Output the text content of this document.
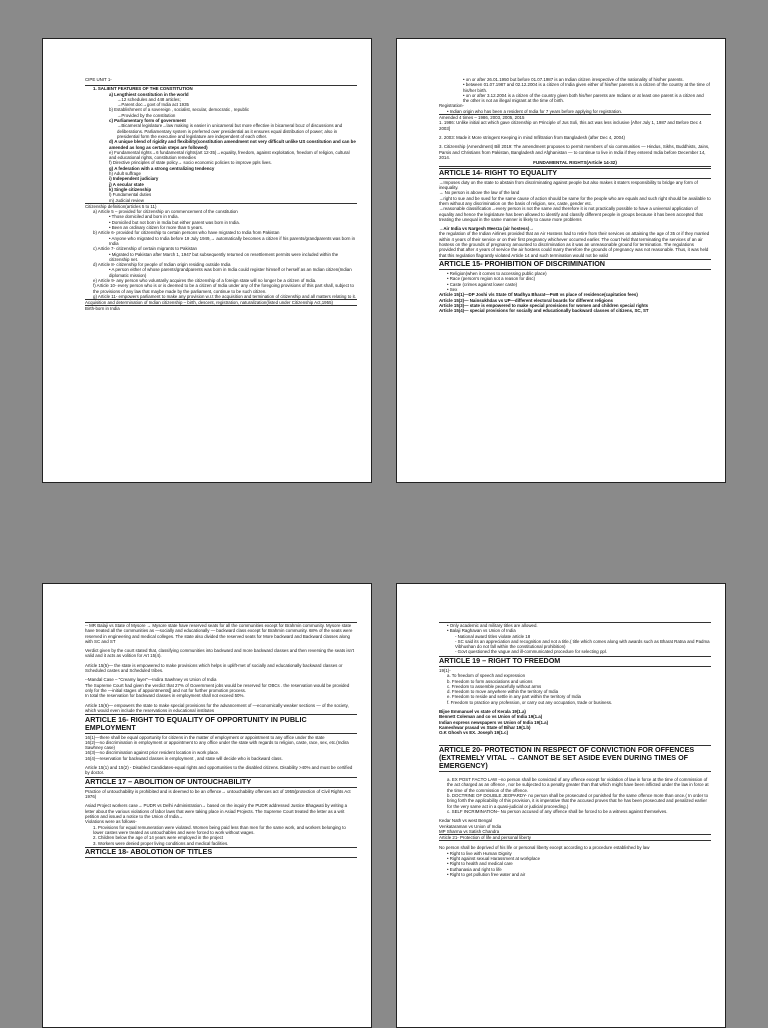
CIPE UNIT 1-

1. SALIENT FEATURES OF THE CONSTITUTION

a) Lengthiest constitution in the world

→12 schedules and 448 articles;

→Parent doc→govt of India act 1935

b) Establishment of a sovereign , socialist, secular, democratic , republic

→Provided by the constitution

c) Parliamentary form of government

→Bicameral legislature→law making is easier in unicameral but more effective in bicameral bcuz of discussions and deliberations. Parliamentary system is preferred over presidential as it ensures equal distribution of power; also in presidential form the executive and legislature are independent of each other.

d) A unique blend of rigidity and flexibility(constitution amendment not very difficult unlike US constitution and can be amended as long as certain steps are followed)

e) Fundamental rights→6 fundamental rights(art 12-35)→equality, freedom, against exploitation, freedom of religion, cultural and educational rights, constitution remedies

f) Directive principles of state policy→ socio economic policies to improve ppls lives.

g) A federation with a strong centralizing tendency

h) Adult suffrage

i) Independent judiciary

j) A secular state

k) Single citizenship

l) Fundamental duties

m) Judicial review

Citizenship definition(articles 5 to 11)

a) Article 5 – provided for citizenship on commencement of the constitution

• Those domiciled and born in India.

• Domiciled but not born in India but either parent was born in India.

• Been an ordinary citizen for more than 5 years.

b) Article 6- provided for citizenship to certain persons who have migrated to India from Pakistan

• Anyone who migrated to India before 19 July 1949,→ automatically becomes a citizen if his parents/grandparents was born in India

c) Article 7- citizenship of certain migrants to Pakistan

• Migrated to Pakistan after March 1, 1947 but subsequently returned on resettlement permits were included within the citizenship net.

d) Article 8- citizenship for people of Indian origin residing outside India

• A person either of whose parents/grandparents was born in India could register himself or herself as an Indian citizen(Indian diplomatic mission)

e) Article 9- any person who voluntarily acquires the citizenship of a foreign state will no longer be a citizen of India.

f) Article 10- every person who is or is deemed to be a citizen of India under any of the foregoing provisions of this part shall, subject to the provisions of any law that maybe made by the parliament, continue to be such citizen.

g) Article 11- empowers parliament to make any provision w.r.t the acquisition and termination of citizenship and all matters relating to it.

Acquisition and determination of Indian citizenship – birth, descent, registration, naturalization(listed under Citizenship Act,1955)

Birth-born in India

• on or after 26.01.1950 but before 01.07.1987 is an Indian citizen irrespective of the nationality of his/her parents.

• between 01.07.1987 and 02.12.2004 is a citizen of India given either of his/her parents is a citizen of the country at the time of his/her birth.

• on or after 3.12.2004 is a citizen of the country given both his/her parents are Indians or at least one parent is a citizen and the other is not an illegal migrant at the time of birth.

Registration-

• Indian origin who has been a resident of India for 7 years before applying for registration.

Amended 4 times – 1986, 2003, 2005, 2015

1. 1986: Unlike initial act which gave citizenship on Principle of Jus Soli, this act was less inclusive [After July 1, 1987 and Before Dec 4 2003]

2. 2003: Made it More stringent Keeping in mind Infiltration from Bangladesh (after Dec 4, 2004)

3. Citizenship (Amendment) Bill 2019: The amendment proposes to permit members of six communities — Hindus, Sikhs, Buddhists, Jains, Parsis and Christians from Pakistan, Bangladesh and Afghanistan — to continue to live in India if they entered India before December 14, 2014.

FUNDAMENTAL RIGHTS(Article 14-32)

ARTICLE 14- RIGHT TO EQUALITY

→Imposes duty on the state to abstain from discriminating against people but also makes it state's responsibility to bridge any form of inequality.

→ No person is above the law of the land

→right to sue and be sued for the same cause of action should be same for the people who are equals and such right should be available to them without any discrimination on the basis of religion, sex, caste, gender etc.

→reasonable classification→every person is not the same and therefore it is not practically possible to have a universal application of equality and hence the legislature has been allowed to identify and classify different people in groups because it has been accepted that treating the unequal in the same manner is likely to cause more problems

→Air India vs Nargesh Meerza (air hostess)→

the regulation of the Indian Airlines provided that an Air Hostess had to retire from their services on attaining the age of 35 or if they married within 4 years of their service or on their first pregnancy whichever occurred earlier. The court held that terminating the services of an air hostess on the grounds of pregnancy amounted to discrimination as it was an unreasonable ground for termination. The regulations provided that after 4 years of service the air hostess could marry therefore the grounds of pregnancy was not reasonable. Thus, it was held that this regulation flagrantly violated Article 14 and such termination would not be valid

ARTICLE 15- PROHIBITION OF DISCRIMINATION

• Religion(when it comes to accessing public place)

• Race (person's region not a reason for disc)

• Caste (crimes against lower caste)

• Sex

Article 15(1)—DP Joshi v/s State Of Madhya Bharat—PoB vs place of residence(capitation fees)

Article 15(2)— Nainsukhdas vs UP—different electoral boards for different religions

Article 15(3)— state is empowered to make special provisions for women and children special rights

Article 15(4)— special provisions for socially and educationally backward classes of citizens, SC, ST

-- MR Balaji vs State of Mysore → Mysore state have reserved seats for all the communities except for Brahmin community. Mysore state have treated all the communities as —socially and educationally — backward class except for Brahmin community. 68% of the seats were reserved in engineering and medical colleges. The state also divided the reserved seats for More backward and Backward classes along with SC and ST

Verdict given by the court stated that, classifying communities into backward and more backward classes and then reversing the seats isn't valid and it acts as volition for Art 15(4).

Article 15(5)— the state is empowered to make provisions which helps in uplift-met of socially and educationally backward classes or Scheduled castes and Scheduled tribes.

--Mandal Case – "Creamy layer"—Indira Sawhney vs Union of India

The Supreme Court had given the verdict that 27% of Government jobs would be reserved for OBCs . the reservation would be provided only for the —initial stages of appointments[] and not for further promotion process.

In total the reservation for backward classes in employment shall not exceed 50%.

Article 15(6)— empowers the state to make special provisions for the advancement of —economically weaker sections — of the society, which would even include the reservations in educational institutes

ARTICLE 16- RIGHT TO EQUALITY OF OPPORTUNITY IN PUBLIC EMPLOYMENT

16(1)—there shall be equal opportunity for citizens in the matter of employment or appointment to any office under the state

16(2)—no discrimination in employment or appointment to any office under the state with regards to religion, caste, race, sex, etc.(Indira Sawhney case)

16(3)—no discrimination against prior resident location in work place.

16(4)—reservation for backward classes in employment , and state will decide who is backward class.

Article 15(1) and 15(2) - Disabled Candidates-equal rights and opportunities to the disabled citizens. Disability >40% and must be certified by doctor.

ARTICLE 17 – ABOLITION OF UNTOUCHABILITY

Practice of untouchability is prohibited and is deemed to be an offence→ untouchability offences act of 1955(protection of Civil Rights Act 1976)

Asiad Project workers case→ PUDR vs Delhi Administration→ based on the inquiry the PUDR addressed Justice Bhagwati by writing a letter about the various violations of labor laws that were taking place in Asiad Projects. The Supreme Court treated the letter as a writ petition and issued a notice to the Union of India→

Violations were as follows-

1. Provisions for equal remuneration were violated. Women being paid less than men for the same work, and workers belonging to lower castes were treated as untouchables and were forced to work without wages.

2. Children below the age of 14 years were employed in the project

3. Workers were denied proper living conditions and medical facilities.

ARTICLE 18- ABOLOTION OF TITLES

• Only academic and military titles are allowed.

• Balaji Raghavan vs Union of India

- National award titles violate article 18

- SC said its an appreciation and recognition and not a title.( title which comes along with awards such as Bharat Ratna and Padma Vibhushan do not fall within the constitutional prohibition)

- Govt questioned the vague and ill-communicated procedure for selecting ppl.

ARTICLE 19 – RIGHT TO FREEDOM

19(1)-

a. To freedom of speech and expression

b. Freedom to form associations and unions

c. Freedom to assemble peacefully without arms

d. Freedom to move anywhere within the territory of India

e. Freedom to reside and settle in any part within the territory of India

f. Freedom to practice any profession, or carry out any occupation, trade or business.

Bijoe Emmanuel vs state of Kerala 19(1.a)

Bennett Coleman and co vs Union of India 19(1.a)

Indian express newspapers vs Union of India 19(1.a)

Kameshwar prasad vs State of Bihar 19(1.b)

O.K Ghosh vs EX. Joseph 19(1.c)

ARTICLE 20- PROTECTION IN RESPECT OF CONVICTION FOR OFFENCES (EXTREMELY VITAL → CANNOT BE SET ASIDE EVEN DURING TIMES OF EMERGENCY)

a. EX POST FACTO LAW –no person shall be convicted of any offence except for violation of law in force at the time of commission of the act charged as an offence , nor be subjected to a penalty greater than that which might have been inflicted under the law in force at the time of the commission of the offence.

b. DOCTRINE OF DOUBLE JEOPARDY- no person shall be prosecuted or punished for the same offence more than once.( In order to bring forth the applicability of this provision, it is imperative that the accused proves that he has been prosecuted and penalized earlier for the very same act in a quasi-judicial or judicial proceeding.)

c. SELF INCRIMINATION– No person accused of any offence shall be forced to be a witness against themselves.

Kedar Nath vs west Bengal

Venkataraman vs Union of India

MP Sharma vs Satish Chandra

Article 21- Protection of life and personal liberty

No person shall be deprived of his life or personal liberty except according to a procedure established by law

• Right to live with Human Dignity

• Right against sexual Harassment at workplace

• Right to health and medical care

• Euthanasia and right to life

• Right to get pollution free water and air
